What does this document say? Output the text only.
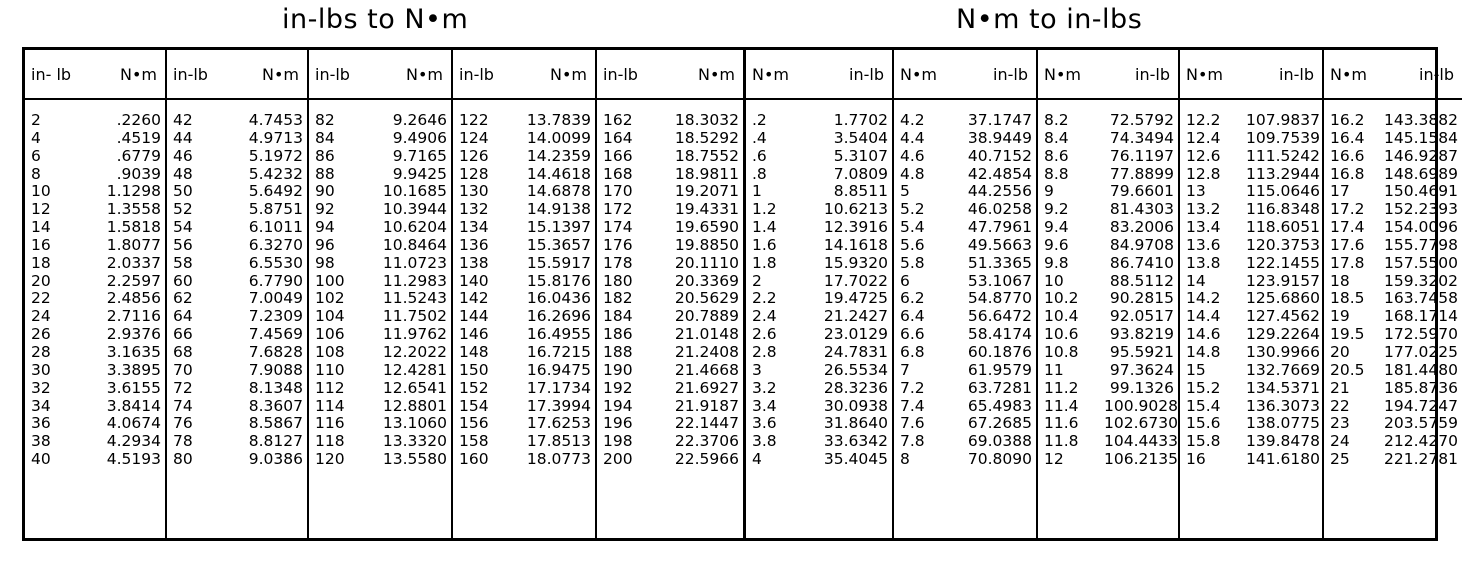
in-lbs to N•m	N•m to in-lbs
in- lb
2
4
6
8
10
12
14
16
18
20
22
24
26
28
30
32
34
36
38
40
N•m
.2260
.4519
.6779
.9039
1.1298
1.3558
1.5818
1.8077
2.0337
2.2597
2.4856
2.7116
2.9376
3.1635
3.3895
3.6155
3.8414
4.0674
4.2934
4.5193
in-lb
42
44
46
48
50
52
54
56
58
60
62
64
66
68
70
72
74
76
78
80
N•m
4.7453
4.9713
5.1972
5.4232
5.6492
5.8751
6.1011
6.3270
6.5530
6.7790
7.0049
7.2309
7.4569
7.6828
7.9088
8.1348
8.3607
8.5867
8.8127
9.0386
in-lb
82
84
86
88
90
92
94
96
98
100
102
104
106
108
110
112
114
116
118
120
N•m
9.2646
9.4906
9.7165
9.9425
10.1685
10.3944
10.6204
10.8464
11.0723
11.2983
11.5243
11.7502
11.9762
12.2022
12.4281
12.6541
12.8801
13.1060
13.3320
13.5580
in-lb
122
124
126
128
130
132
134
136
138
140
142
144
146
148
150
152
154
156
158
160
N•m
13.7839
14.0099
14.2359
14.4618
14.6878
14.9138
15.1397
15.3657
15.5917
15.8176
16.0436
16.2696
16.4955
16.7215
16.9475
17.1734
17.3994
17.6253
17.8513
18.0773
in-lb
162
164
166
168
170
172
174
176
178
180
182
184
186
188
190
192
194
196
198
200
N•m
18.3032
18.5292
18.7552
18.9811
19.2071
19.4331
19.6590
19.8850
20.1110
20.3369
20.5629
20.7889
21.0148
21.2408
21.4668
21.6927
21.9187
22.1447
22.3706
22.5966
N•m
.2
.4
.6
.8
1
1.2
1.4
1.6
1.8
2
2.2
2.4
2.6
2.8
3
3.2
3.4
3.6
3.8
4
in-lb
1.7702
3.5404
5.3107
7.0809
8.8511
10.6213
12.3916
14.1618
15.9320
17.7022
19.4725
21.2427
23.0129
24.7831
26.5534
28.3236
30.0938
31.8640
33.6342
35.4045
N•m
4.2
4.4
4.6
4.8
5
5.2
5.4
5.6
5.8
6
6.2
6.4
6.6
6.8
7
7.2
7.4
7.6
7.8
8
in-lb
37.1747
38.9449
40.7152
42.4854
44.2556
46.0258
47.7961
49.5663
51.3365
53.1067
54.8770
56.6472
58.4174
60.1876
61.9579
63.7281
65.4983
67.2685
69.0388
70.8090
N•m
8.2
8.4
8.6
8.8
9
9.2
9.4
9.6
9.8
10
10.2
10.4
10.6
10.8
11
11.2
11.4
11.6
11.8
12
in-lb
72.5792
74.3494
76.1197
77.8899
79.6601
81.4303
83.2006
84.9708
86.7410
88.5112
90.2815
92.0517
93.8219
95.5921
97.3624
99.1326
100.9028
102.6730
104.4433
106.2135
N•m
12.2
12.4
12.6
12.8
13
13.2
13.4
13.6
13.8
14
14.2
14.4
14.6
14.8
15
15.2
15.4
15.6
15.8
16
in-lb
107.9837
109.7539
111.5242
113.2944
115.0646
116.8348
118.6051
120.3753
122.1455
123.9157
125.6860
127.4562
129.2264
130.9966
132.7669
134.5371
136.3073
138.0775
139.8478
141.6180
N•m
16.2
16.4
16.6
16.8
17
17.2
17.4
17.6
17.8
18
18.5
19
19.5
20
20.5
21
22
23
24
25
in-lb
143.3882
145.1584
146.9287
148.6989
150.4691
152.2393
154.0096
155.7798
157.5500
159.3202
163.7458
168.1714
172.5970
177.0225
181.4480
185.8736
194.7247
203.5759
212.4270
221.2781
